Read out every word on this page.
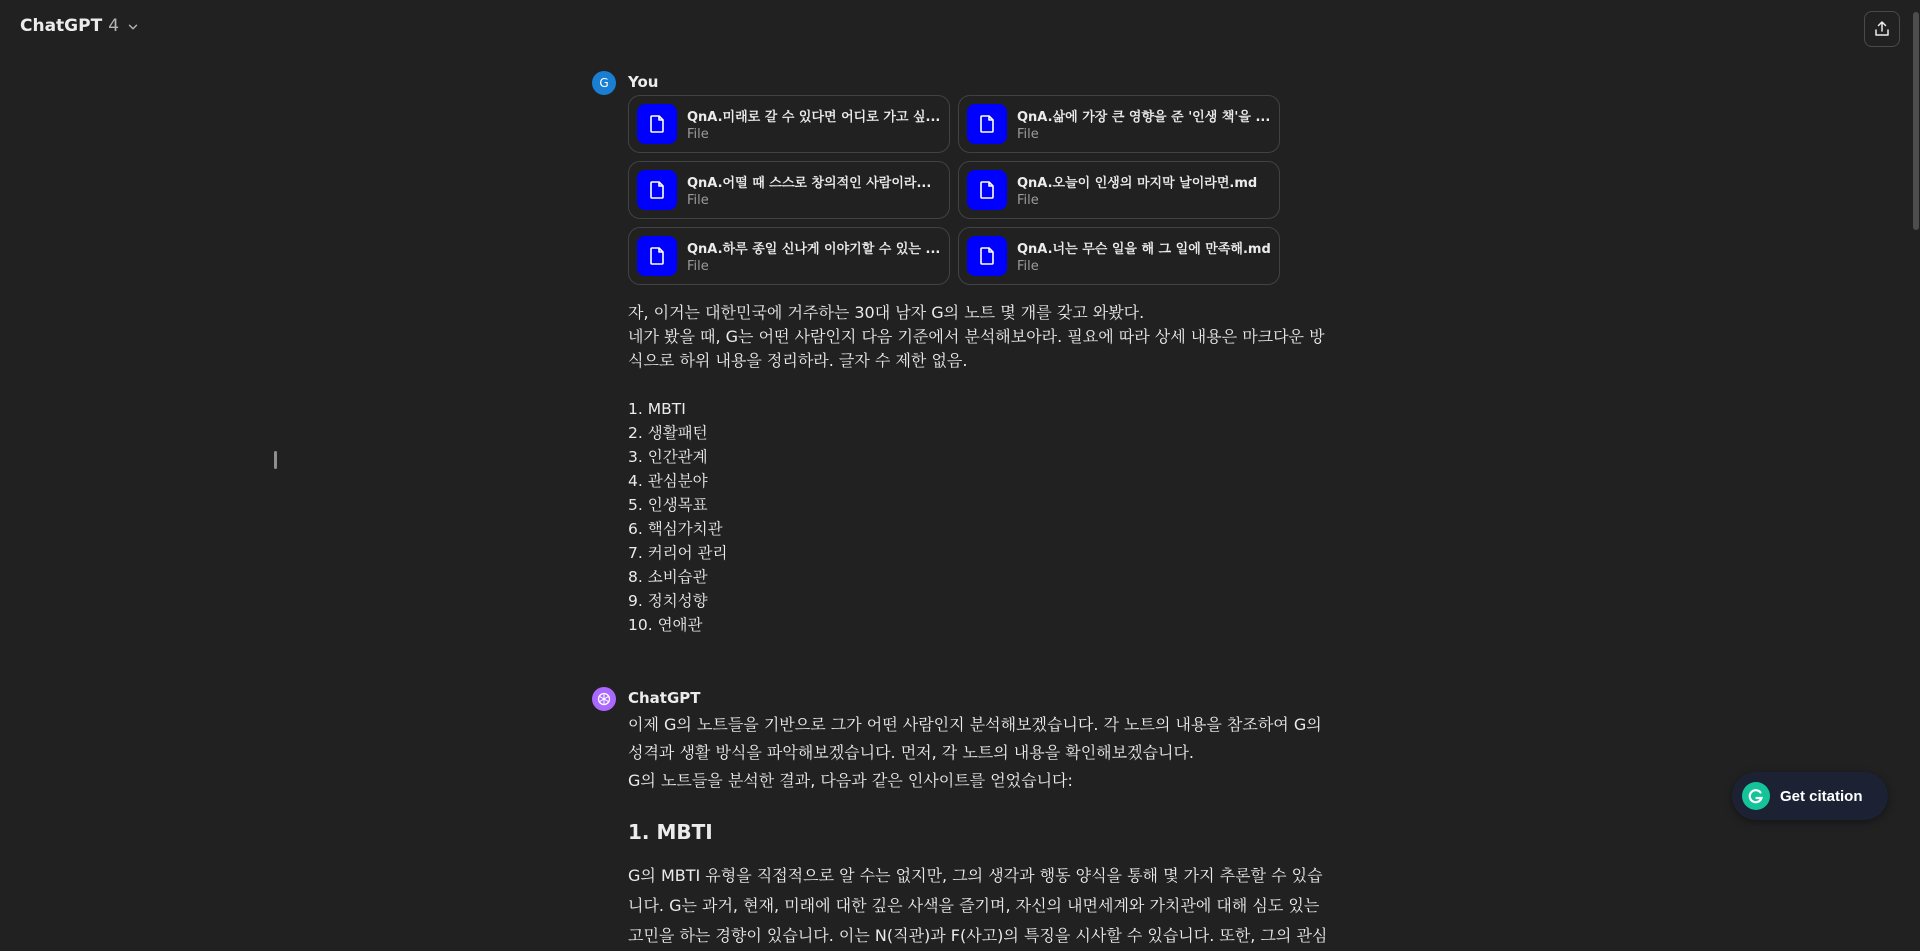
ChatGPT 4
G You
QnA.미래로 갈 수 있다면 어디로 가고 싶...
File
QnA.삶에 가장 큰 영향을 준 '인생 책'을 ...
File
QnA.어떨 때 스스로 창의적인 사람이라...
File
QnA.오늘이 인생의 마지막 날이라면.md
File
QnA.하루 종일 신나게 이야기할 수 있는 ...
File
QnA.너는 무슨 일을 해 그 일에 만족해.md
File

자, 이거는 대한민국에 거주하는 30대 남자 G의 노트 몇 개를 갖고 와봤다.

네가 봤을 때, G는 어떤 사람인지 다음 기준에서 분석해보아라. 필요에 따라 상세 내용은 마크다운 방식으로 하위 내용을 정리하라. 글자 수 제한 없음.

1. MBTI
2. 생활패턴
3. 인간관계
4. 관심분야
5. 인생목표
6. 핵심가치관
7. 커리어 관리
8. 소비습관
9. 정치성향
10. 연애관
ChatGPT

이제 G의 노트들을 기반으로 그가 어떤 사람인지 분석해보겠습니다. 각 노트의 내용을 참조하여 G의 성격과 생활 방식을 파악해보겠습니다. 먼저, 각 노트의 내용을 확인해보겠습니다.

G의 노트들을 분석한 결과, 다음과 같은 인사이트를 얻었습니다:

1. MBTI

G의 MBTI 유형을 직접적으로 알 수는 없지만, 그의 생각과 행동 양식을 통해 몇 가지 추론할 수 있습니다. G는 과거, 현재, 미래에 대한 깊은 사색을 즐기며, 자신의 내면세계와 가치관에 대해 심도 있는 고민을 하는 경향이 있습니다. 이는 N(직관)과 F(사고)의 특징을 시사할 수 있습니다. 또한, 그의 관심

Get citation
